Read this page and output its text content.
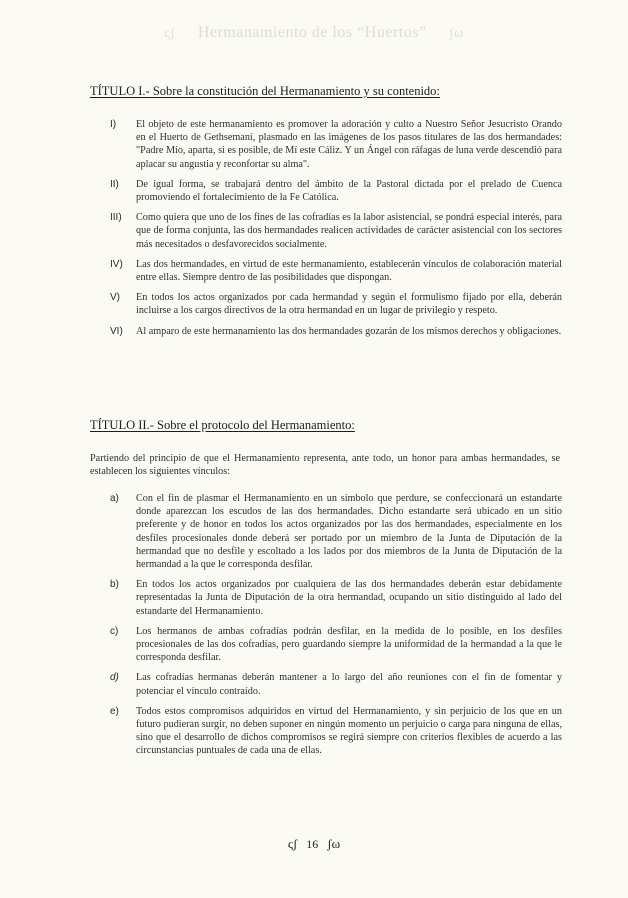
ςʃ Hermanamiento de los “Huertos” ʃω
TÍTULO I.- Sobre la constitución del Hermanamiento y su contenido:
I) El objeto de este hermanamiento es promover la adoración y culto a Nuestro Señor Jesucristo Orando en el Huerto de Gethsemaní, plasmado en las imágenes de los pasos titulares de las dos hermandades: "Padre Mío, aparta, si es posible, de Mí este Cáliz. Y un Ángel con ráfagas de luna verde descendió para aplacar su angustia y reconfortar su alma".
II) De igual forma, se trabajará dentro del ámbito de la Pastoral dictada por el prelado de Cuenca promoviendo el fortalecimiento de la Fe Católica.
III) Como quiera que uno de los fines de las cofradías es la labor asistencial, se pondrá especial interés, para que de forma conjunta, las dos hermandades realicen actividades de carácter asistencial con los sectores más necesitados o desfavorecidos socialmente.
IV) Las dos hermandades, en virtud de este hermanamiento, establecerán vínculos de colaboración material entre ellas. Siempre dentro de las posibilidades que dispongan.
V) En todos los actos organizados por cada hermandad y según el formulismo fijado por ella, deberán incluirse a los cargos directivos de la otra hermandad en un lugar de privilegio y respeto.
VI) Al amparo de este hermanamiento las dos hermandades gozarán de los mismos derechos y obligaciones.
TÍTULO II.- Sobre el protocolo del Hermanamiento:
Partiendo del principio de que el Hermanamiento representa, ante todo, un honor para ambas hermandades, se establecen los siguientes vínculos:
a) Con el fin de plasmar el Hermanamiento en un símbolo que perdure, se confeccionará un estandarte donde aparezcan los escudos de las dos hermandades. Dicho estandarte será ubicado en un sitio preferente y de honor en todos los actos organizados por las dos hermandades, especialmente en los desfiles procesionales donde deberá ser portado por un miembro de la Junta de Diputación de la hermandad que no desfile y escoltado a los lados por dos miembros de la Junta de Diputación de la hermandad a la que le corresponda desfilar.
b) En todos los actos organizados por cualquiera de las dos hermandades deberán estar debidamente representadas la Junta de Diputación de la otra hermandad, ocupando un sitio distinguido al lado del estandarte del Hermanamiento.
c) Los hermanos de ambas cofradías podrán desfilar, en la medida de lo posible, en los desfiles procesionales de las dos cofradías, pero guardando siempre la uniformidad de la hermandad a la que le corresponda desfilar.
d) Las cofradías hermanas deberán mantener a lo largo del año reuniones con el fin de fomentar y potenciar el vínculo contraído.
e) Todos estos compromisos adquiridos en virtud del Hermanamiento, y sin perjuicio de los que en un futuro pudieran surgir, no deben suponer en ningún momento un perjuicio o carga para ninguna de ellas, sino que el desarrollo de dichos compromisos se regirá siempre con criterios flexibles de acuerdo a las circunstancias puntuales de cada una de ellas.
ςʃ 16 ʃω
